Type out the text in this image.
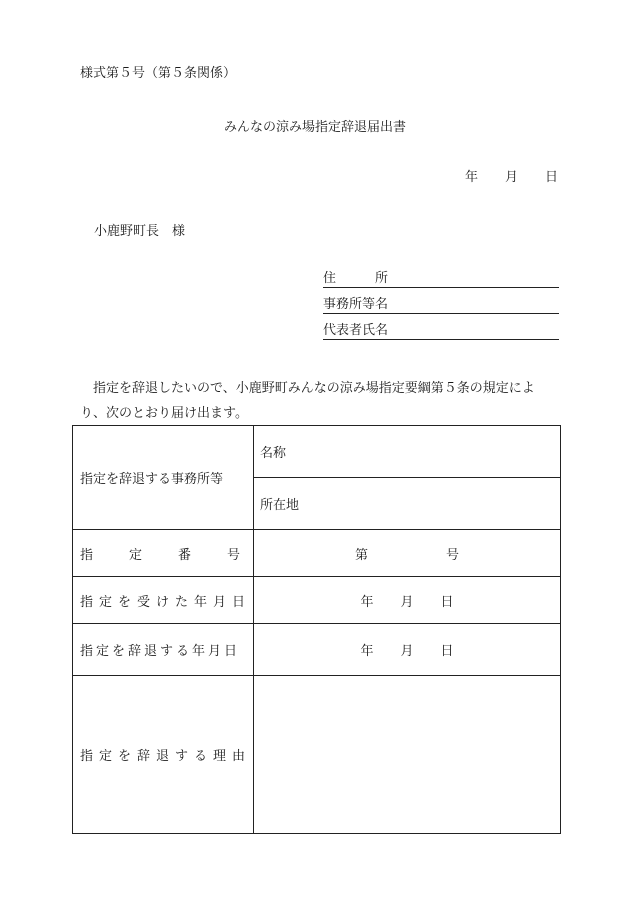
様式第５号（第５条関係）
みんなの涼み場指定辞退届出書
年 月 日
小鹿野町長　様
住	所
事務所等名
代表者氏名

指定を辞退したいので、小鹿野町みんなの涼み場指定要綱第５条の規定によ

り、次のとおり届け出ます。

指定を辞退する事務所等	名称
	所在地

指 定 番 号	第 号
指定を受けた年月日	年 月 日
指定を辞退する年月日	年 月 日
指定を辞退する理由	
